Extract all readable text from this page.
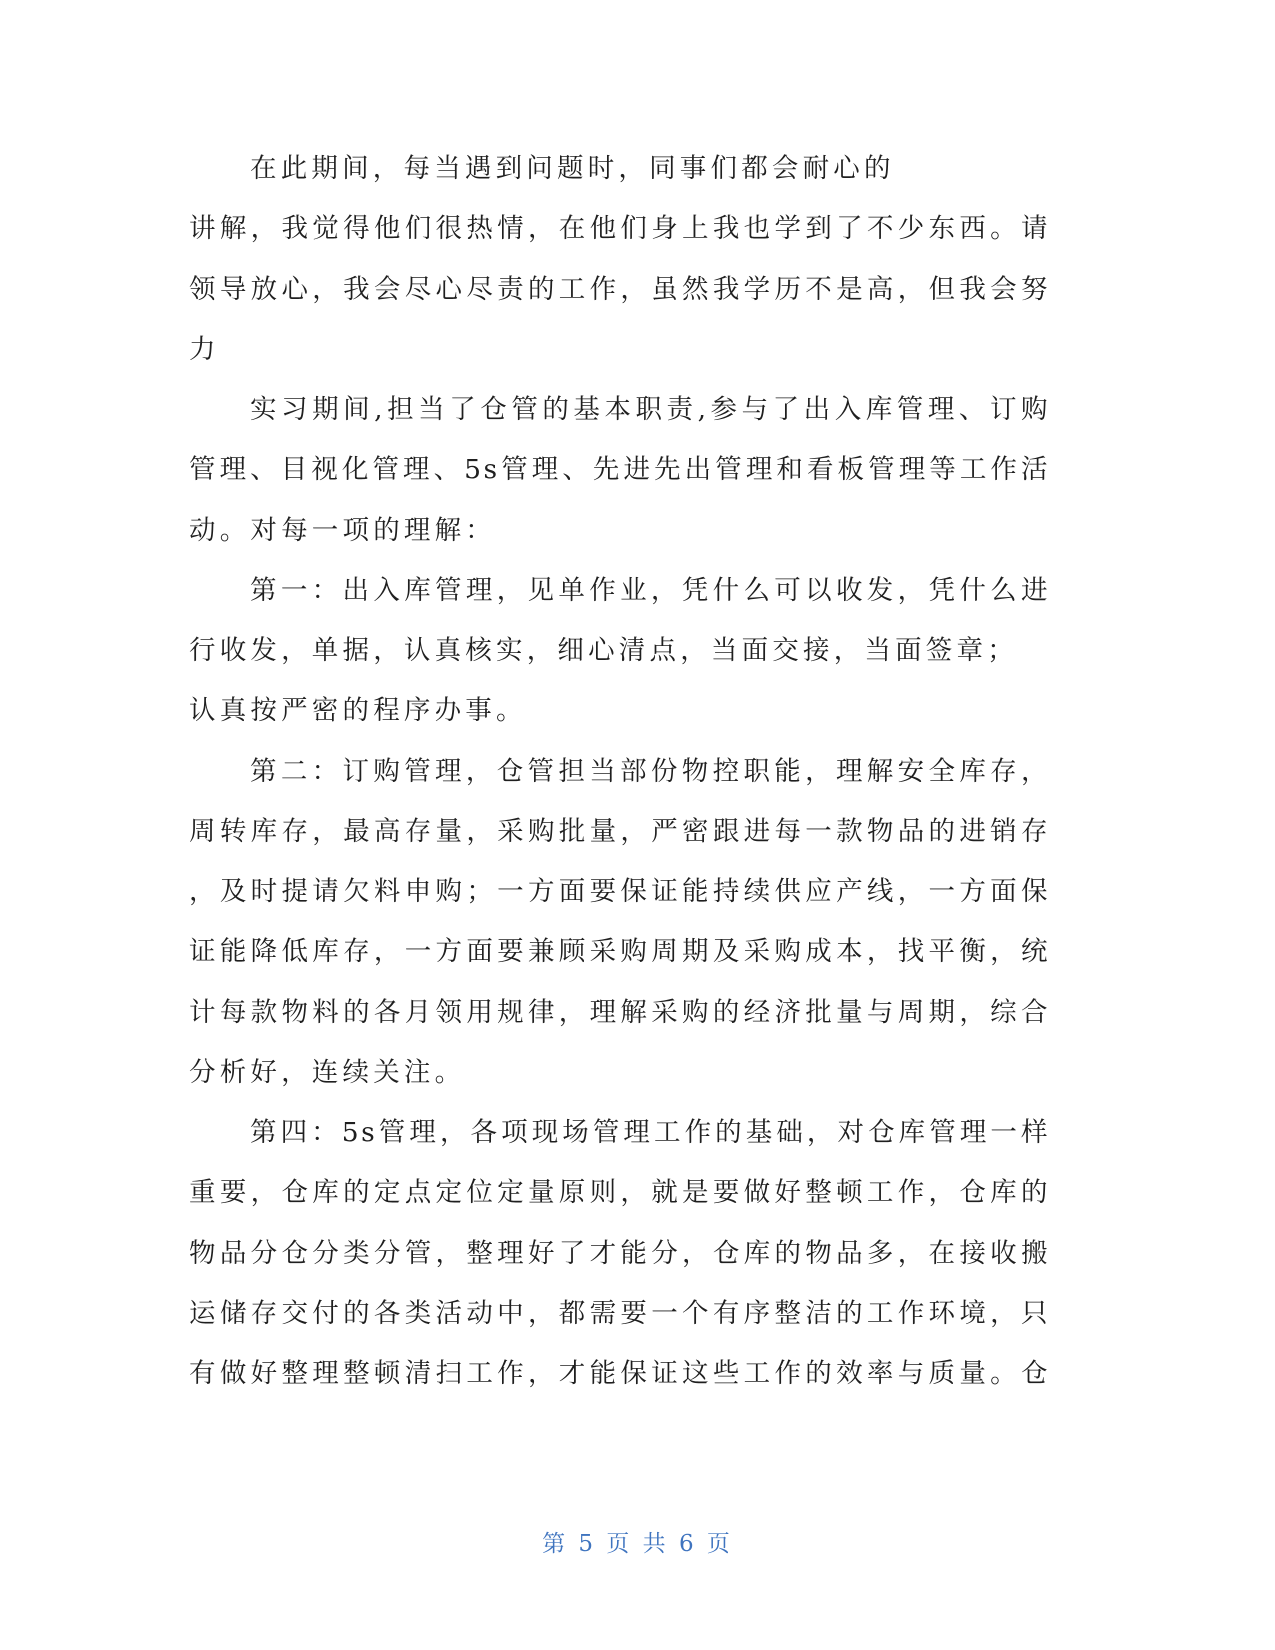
在此期间，每当遇到问题时，同事们都会耐心的
讲解，我觉得他们很热情，在他们身上我也学到了不少东西。请
领导放心，我会尽心尽责的工作，虽然我学历不是高，但我会努
力
实习期间,担当了仓管的基本职责,参与了出入库管理、订购
管理、目视化管理、5s管理、先进先出管理和看板管理等工作活
动。对每一项的理解：
第一：出入库管理，见单作业，凭什么可以收发，凭什么进
行收发，单据，认真核实，细心清点，当面交接，当面签章；
认真按严密的程序办事。
第二：订购管理，仓管担当部份物控职能，理解安全库存，
周转库存，最高存量，采购批量，严密跟进每一款物品的进销存
，及时提请欠料申购；一方面要保证能持续供应产线，一方面保
证能降低库存，一方面要兼顾采购周期及采购成本，找平衡，统
计每款物料的各月领用规律，理解采购的经济批量与周期，综合
分析好，连续关注。
第四：5s管理，各项现场管理工作的基础，对仓库管理一样
重要，仓库的定点定位定量原则，就是要做好整顿工作，仓库的
物品分仓分类分管，整理好了才能分，仓库的物品多，在接收搬
运储存交付的各类活动中，都需要一个有序整洁的工作环境，只
有做好整理整顿清扫工作，才能保证这些工作的效率与质量。仓
第 5 页 共 6 页
